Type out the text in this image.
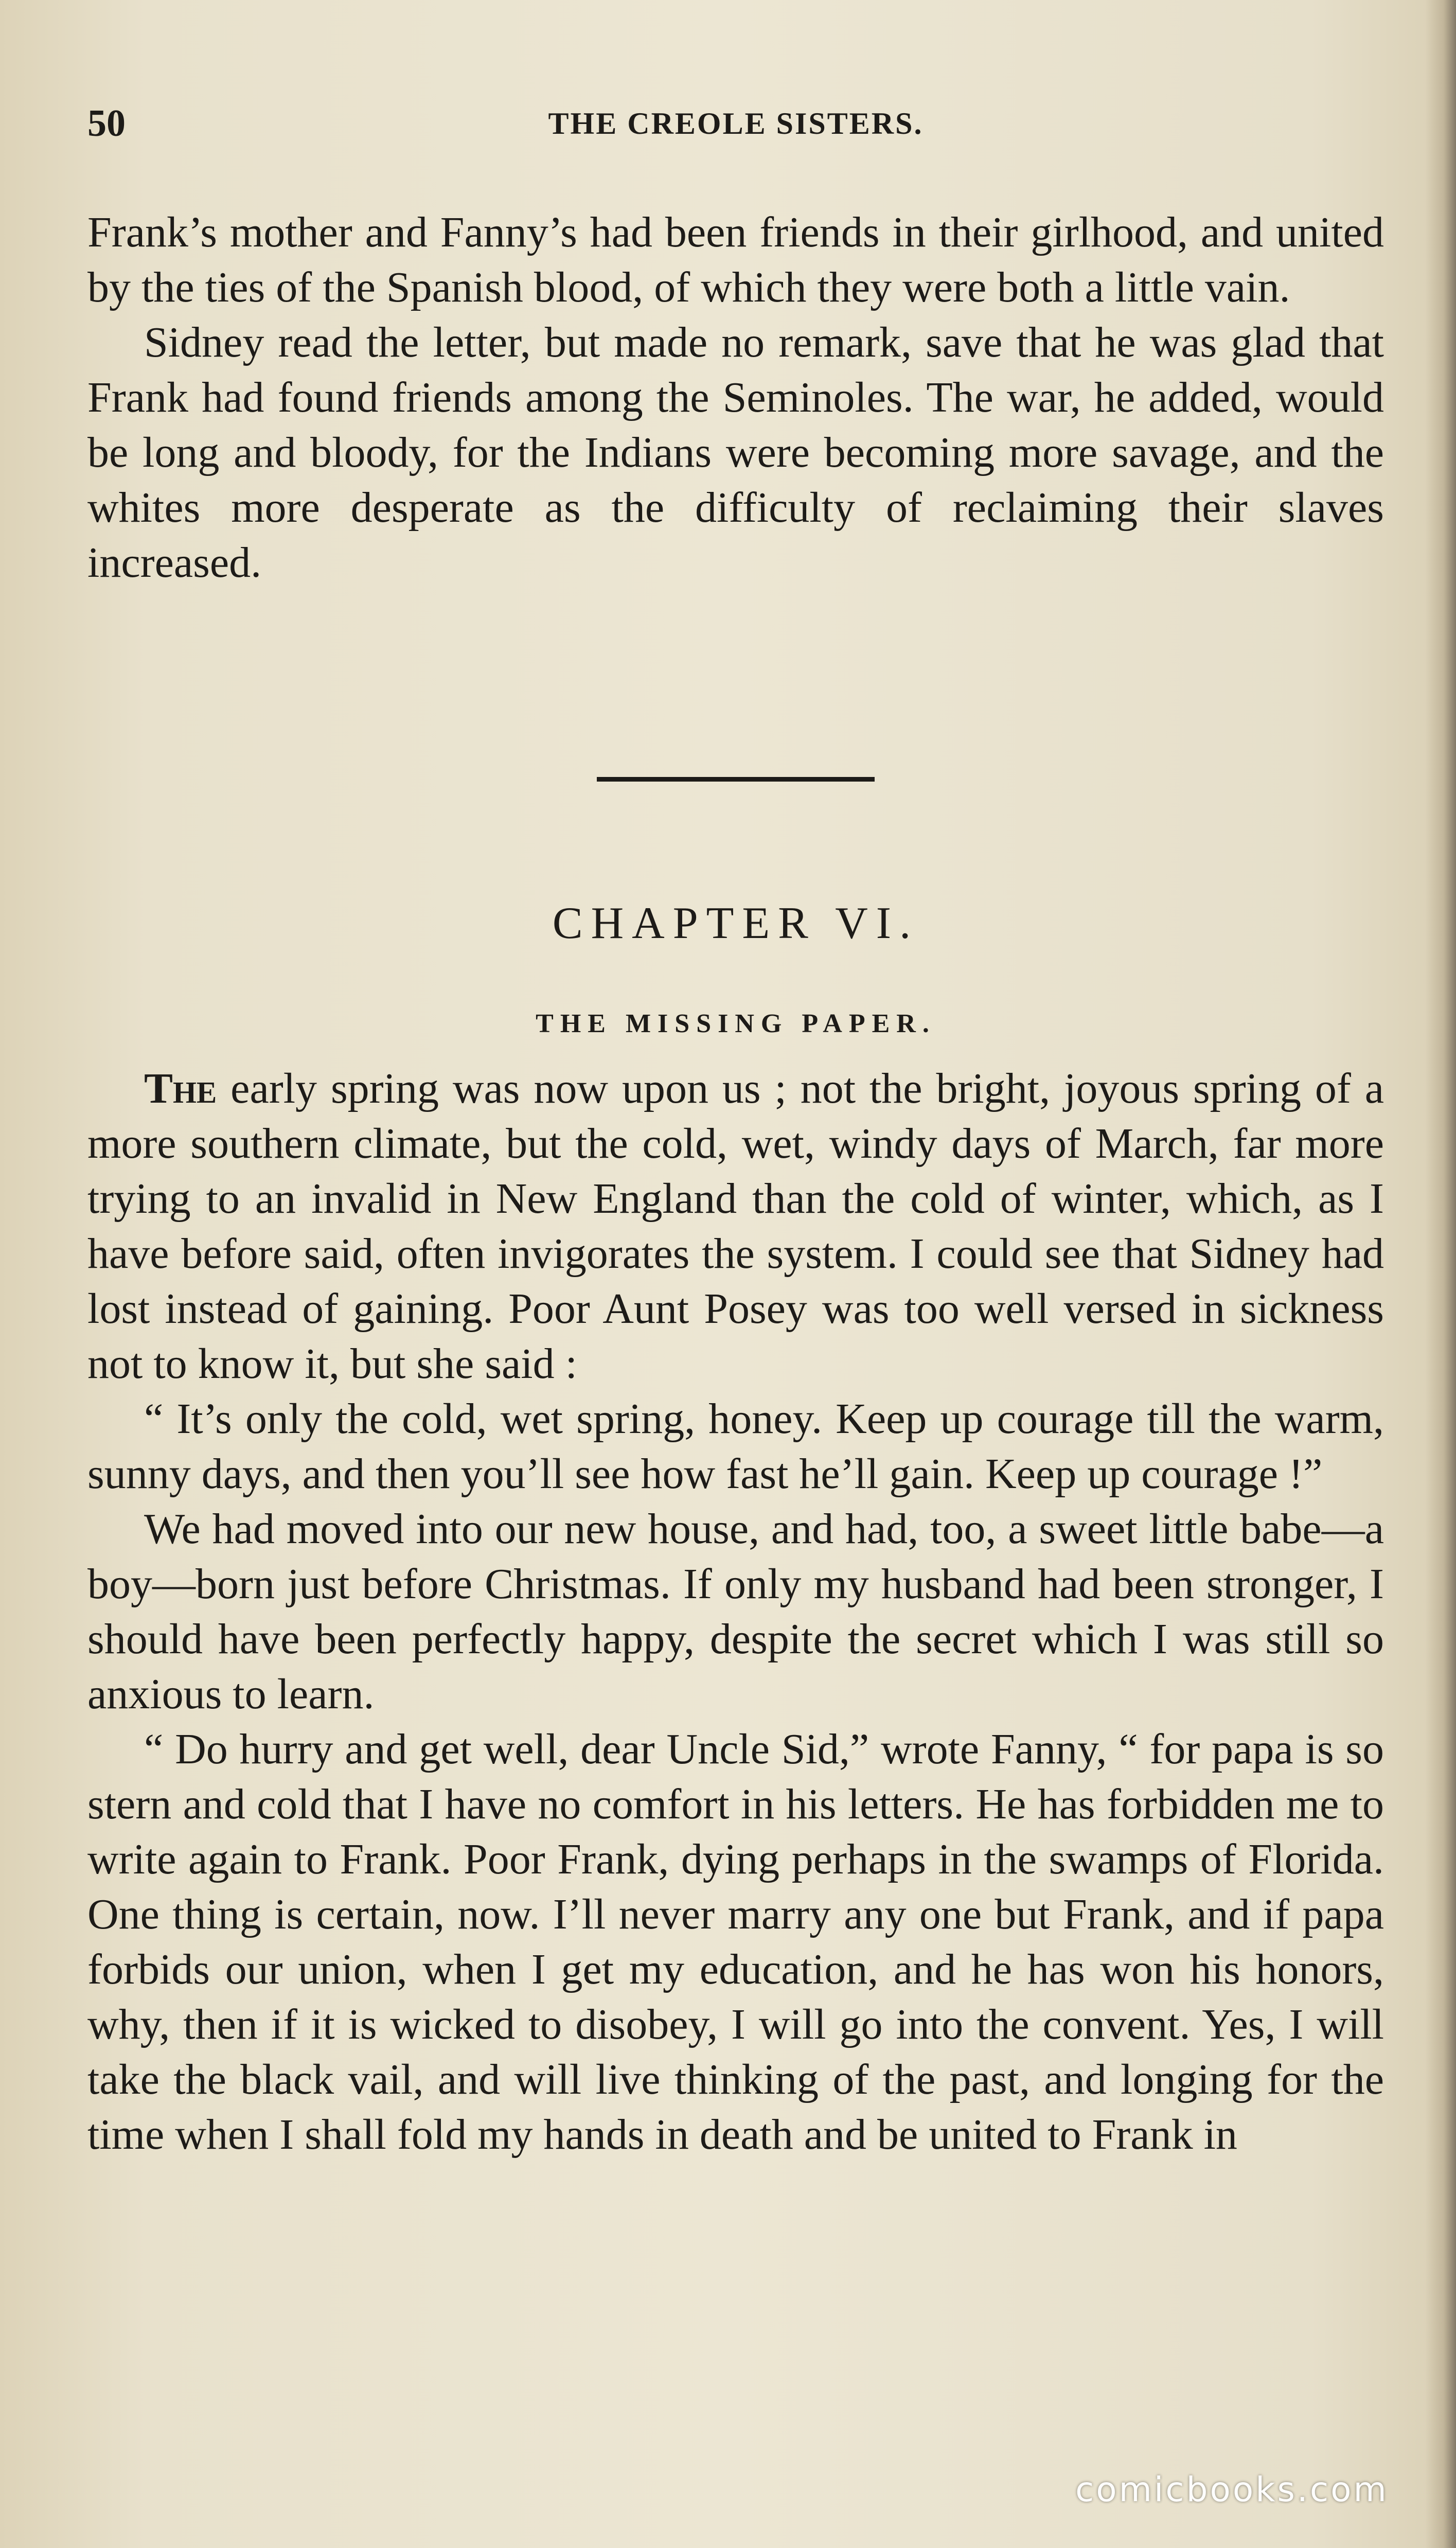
50	THE CREOLE SISTERS.

Frank’s mother and Fanny’s had been friends in their girlhood, and united by the ties of the Spanish blood, of which they were both a little vain.

Sidney read the letter, but made no remark, save that he was glad that Frank had found friends among the Seminoles. The war, he added, would be long and bloody, for the Indians were becoming more savage, and the whites more desperate as the difficulty of reclaiming their slaves increased.

CHAPTER VI.
THE MISSING PAPER.

The early spring was now upon us ; not the bright, joyous spring of a more southern climate, but the cold, wet, windy days of March, far more trying to an invalid in New England than the cold of winter, which, as I have before said, often invigorates the system. I could see that Sidney had lost instead of gaining. Poor Aunt Posey was too well versed in sickness not to know it, but she said :

“ It’s only the cold, wet spring, honey. Keep up courage till the warm, sunny days, and then you’ll see how fast he’ll gain. Keep up courage !”

We had moved into our new house, and had, too, a sweet little babe—a boy—born just before Christmas. If only my husband had been stronger, I should have been perfectly happy, despite the secret which I was still so anxious to learn.

“ Do hurry and get well, dear Uncle Sid,” wrote Fanny, “ for papa is so stern and cold that I have no comfort in his letters. He has forbidden me to write again to Frank. Poor Frank, dying perhaps in the swamps of Florida. One thing is certain, now. I’ll never marry any one but Frank, and if papa forbids our union, when I get my education, and he has won his honors, why, then if it is wicked to disobey, I will go into the convent. Yes, I will take the black vail, and will live thinking of the past, and longing for the time when I shall fold my hands in death and be united to Frank in

comicbooks.com
